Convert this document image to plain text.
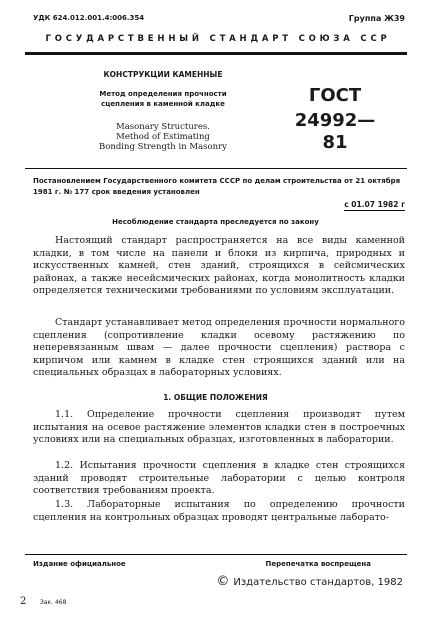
УДК 624.012.001.4:006.354	Группа Ж39
ГОСУДАРСТВЕННЫЙ СТАНДАРТ СОЮЗА ССР
КОНСТРУКЦИИ КАМЕННЫЕ
Метод определения прочности
сцепления в каменной кладке
Masonary Structures.
Method of Estimating
Bonding Strength in Masonry
ГОСТ
24992—81
Постановлением Государственного комитета СССР по делам строительства от 21 октября 1981 г. № 177 срок введения установлен
с 01.07 1982 г
Несоблюдение стандарта преследуется по закону

Настоящий стандарт распространяется на все виды каменной кладки, в том числе на панели и блоки из кирпича, природных и искусственных камней, стен зданий, строящихся в сейсмических районах, а также несейсмических районах, когда монолитность кладки определяется техническими требованиями по условиям эксплуатации.

Стандарт устанавливает метод определения прочности нормального сцепления (сопротивление кладки осевому растяжению по неперевязанным швам — далее прочности сцепления) раствора с кирпичом или камнем в кладке стен строящихся зданий или на специальных образцах в лабораторных условиях.

1. ОБЩИЕ ПОЛОЖЕНИЯ

1.1. Определение прочности сцепления производят путем испытания на осевое растяжение элементов кладки стен в построечных условиях или на специальных образцах, изготовленных в лаборатории.

1.2. Испытания прочности сцепления в кладке стен строящихся зданий проводят строительные лаборатории с целью контроля соответствия требованиям проекта.

1.3. Лабораторные испытания по определению прочности сцепления на контрольных образцах проводят центральные лаборато-

Издание официальное	Перепечатка воспрещена
© Издательство стандартов, 1982
2 Зак. 468
